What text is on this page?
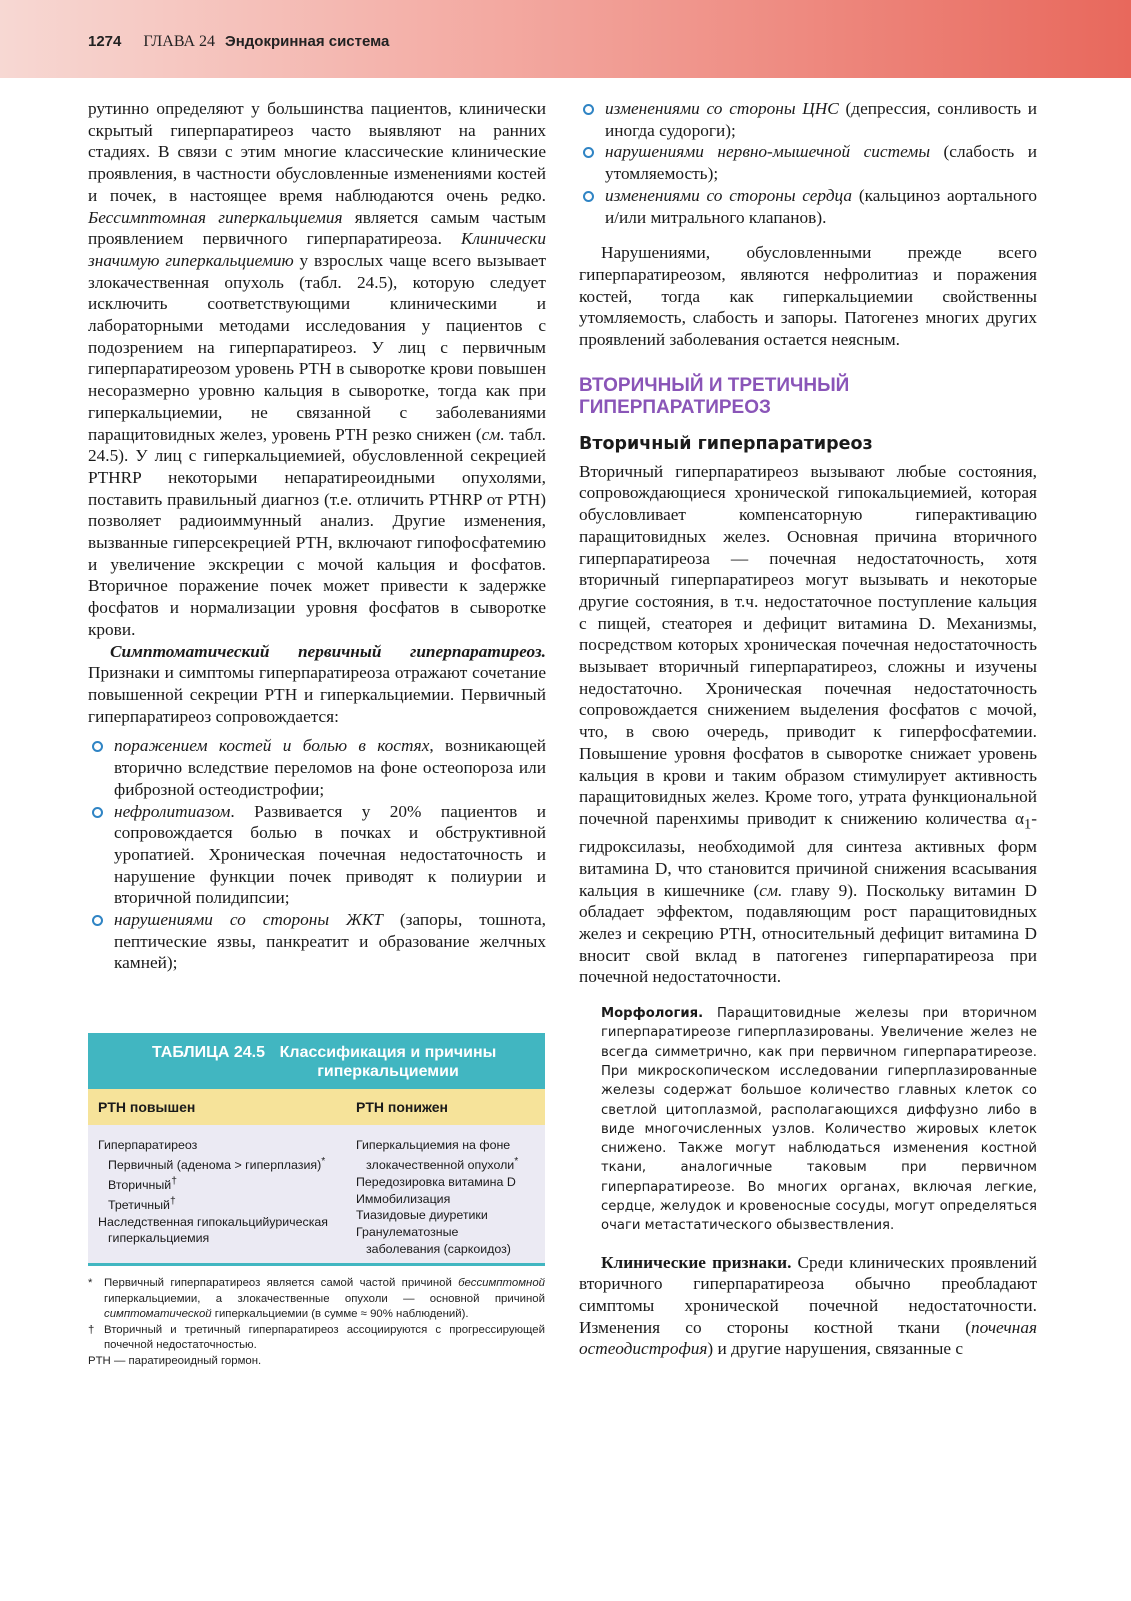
1274 ГЛАВА 24 Эндокринная система

рутинно определяют у большинства пациентов, клинически скрытый гиперпаратиреоз часто выявляют на ранних стадиях. В связи с этим многие классические клинические проявления, в частности обусловленные изменениями костей и почек, в настоящее время наблюдаются очень редко. Бессимптомная гиперкальциемия является самым частым проявлением первичного гиперпаратиреоза. Клинически значимую гиперкальциемию у взрослых чаще всего вызывает злокачественная опухоль (табл. 24.5), которую следует исключить соответствующими клиническими и лабораторными методами исследования у пациентов с подозрением на гиперпаратиреоз. У лиц с первичным гиперпаратиреозом уровень PTH в сыворотке крови повышен несоразмерно уровню кальция в сыворотке, тогда как при гиперкальциемии, не связанной с заболеваниями паращитовидных желез, уровень PTH резко снижен (см. табл. 24.5). У лиц с гиперкальциемией, обусловленной секрецией PTHRP некоторыми непаратиреоидными опухолями, поставить правильный диагноз (т.е. отличить PTHRP от PTH) позволяет радиоиммунный анализ. Другие изменения, вызванные гиперсекрецией PTH, включают гипофосфатемию и увеличение экскреции с мочой кальция и фосфатов. Вторичное поражение почек может привести к задержке фосфатов и нормализации уровня фосфатов в сыворотке крови.

Симптоматический первичный гиперпаратиреоз. Признаки и симптомы гиперпаратиреоза отражают сочетание повышенной секреции PTH и гиперкальциемии. Первичный гиперпаратиреоз сопровождается:

поражением костей и болью в костях, возникающей вторично вследствие переломов на фоне остеопороза или фиброзной остеодистрофии;
нефролитиазом. Развивается у 20% пациентов и сопровождается болью в почках и обструктивной уропатией. Хроническая почечная недостаточность и нарушение функции почек приводят к полиурии и вторичной полидипсии;
нарушениями со стороны ЖКТ (запоры, тошнота, пептические язвы, панкреатит и образование желчных камней);
ТАБЛИЦА 24.5 Классификация и причины гиперкальциемии
PTH повышен	PTH понижен
Гиперпаратиреоз
Первичный (аденома > гиперплазия)*
Вторичный†
Третичный†
Наследственная гипокальцийурическая
гиперкальциемия
Гиперкальциемия на фоне
злокачественной опухоли*
Передозировка витамина D
Иммобилизация
Тиазидовые диуретики
Гранулематозные
заболевания (саркоидоз)
* Первичный гиперпаратиреоз является самой частой причиной бессимптомной гиперкальциемии, а злокачественные опухоли — основной причиной симптоматической гиперкальциемии (в сумме ≈ 90% наблюдений).
† Вторичный и третичный гиперпаратиреоз ассоциируются с прогрессирующей почечной недостаточностью.
PTH — паратиреоидный гормон.
изменениями со стороны ЦНС (депрессия, сонливость и иногда судороги);
нарушениями нервно-мышечной системы (слабость и утомляемость);
изменениями со стороны сердца (кальциноз аортального и/или митрального клапанов).

Нарушениями, обусловленными прежде всего гиперпаратиреозом, являются нефролитиаз и поражения костей, тогда как гиперкальциемии свойственны утомляемость, слабость и запоры. Патогенез многих других проявлений заболевания остается неясным.

ВТОРИЧНЫЙ И ТРЕТИЧНЫЙ
ГИПЕРПАРАТИРЕОЗ
Вторичный гиперпаратиреоз

Вторичный гиперпаратиреоз вызывают любые состояния, сопровождающиеся хронической гипокальциемией, которая обусловливает компенсаторную гиперактивацию паращитовидных желез. Основная причина вторичного гиперпаратиреоза — почечная недостаточность, хотя вторичный гиперпаратиреоз могут вызывать и некоторые другие состояния, в т.ч. недостаточное поступление кальция с пищей, стеаторея и дефицит витамина D. Механизмы, посредством которых хроническая почечная недостаточность вызывает вторичный гиперпаратиреоз, сложны и изучены недостаточно. Хроническая почечная недостаточность сопровождается снижением выделения фосфатов с мочой, что, в свою очередь, приводит к гиперфосфатемии. Повышение уровня фосфатов в сыворотке снижает уровень кальция в крови и таким образом стимулирует активность паращитовидных желез. Кроме того, утрата функциональной почечной паренхимы приводит к снижению количества $\alpha_1$-гидроксилазы, необходимой для синтеза активных форм витамина D, что становится причиной снижения всасывания кальция в кишечнике (см. главу 9). Поскольку витамин D обладает эффектом, подавляющим рост паращитовидных желез и секрецию PTH, относительный дефицит витамина D вносит свой вклад в патогенез гиперпаратиреоза при почечной недостаточности.

Морфология. Паращитовидные железы при вторичном гиперпаратиреозе гиперплазированы. Увеличение желез не всегда симметрично, как при первичном гиперпаратиреозе. При микроскопическом исследовании гиперплазированные железы содержат большое количество главных клеток со светлой цитоплазмой, располагающихся диффузно либо в виде многочисленных узлов. Количество жировых клеток снижено. Также могут наблюдаться изменения костной ткани, аналогичные таковым при первичном гиперпаратиреозе. Во многих органах, включая легкие, сердце, желудок и кровеносные сосуды, могут определяться очаги метастатического обызвествления.

Клинические признаки. Среди клинических проявлений вторичного гиперпаратиреоза обычно преобладают симптомы хронической почечной недостаточности. Изменения со стороны костной ткани (почечная остеодистрофия) и другие нарушения, связанные с
